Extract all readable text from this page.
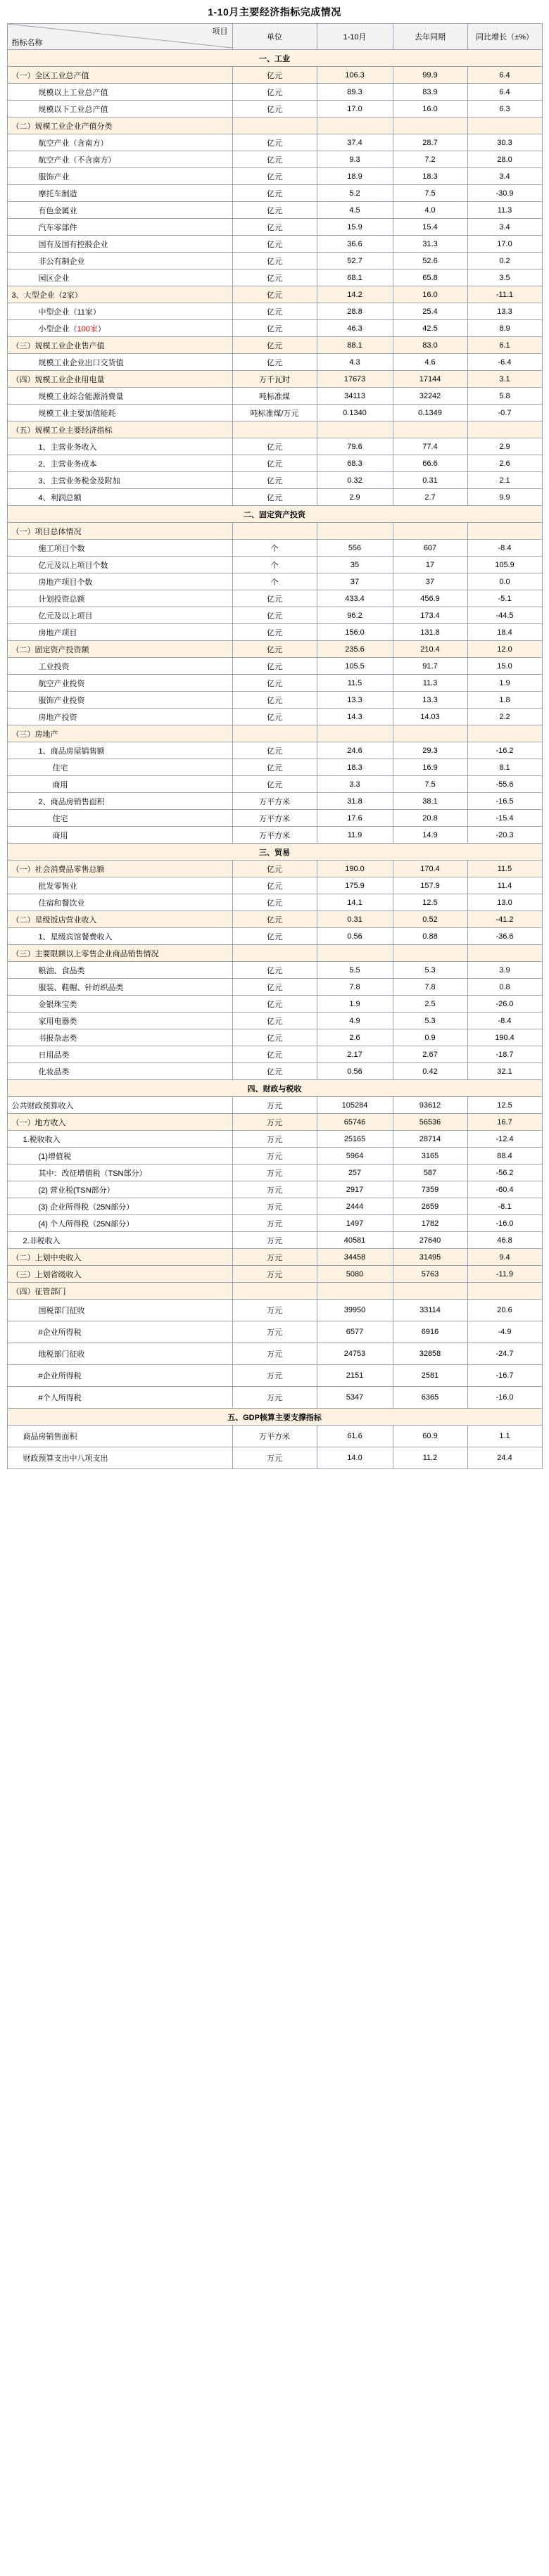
1-10月主要经济指标完成情况
项目
指标名称	单位	1-10月	去年同期	同比增长（±%）
一、工业				
（一）全区工业总产值	亿元	106.3	99.9	6.4
规模以上工业总产值	亿元	89.3	83.9	6.4
规模以下工业总产值	亿元	17.0	16.0	6.3
（二）规模工业企业产值分类				
航空产业（含南方）	亿元	37.4	28.7	30.3
航空产业（不含南方）	亿元	9.3	7.2	28.0
服饰产业	亿元	18.9	18.3	3.4
摩托车制造	亿元	5.2	7.5	-30.9
有色金属业	亿元	4.5	4.0	11.3
汽车零部件	亿元	15.9	15.4	3.4
国有及国有控股企业	亿元	36.6	31.3	17.0
非公有制企业	亿元	52.7	52.6	0.2
园区企业	亿元	68.1	65.8	3.5
3、大型企业（2家）	亿元	14.2	16.0	-11.1
中型企业（11家）	亿元	28.8	25.4	13.3
小型企业（100家）	亿元	46.3	42.5	8.9
（三）规模工业企业售产值	亿元	88.1	83.0	6.1
规模工业企业出口交货值	亿元	4.3	4.6	-6.4
（四）规模工业企业用电量	万千瓦时	17673	17144	3.1
规模工业综合能源消费量	吨标准煤	34113	32242	5.8
规模工业主要加值能耗	吨标准煤/万元	0.1340	0.1349	-0.7
（五）规模工业主要经济指标				
1、主营业务收入	亿元	79.6	77.4	2.9
2、主营业务成本	亿元	68.3	66.6	2.6
3、主营业务税金及附加	亿元	0.32	0.31	2.1
4、利润总额	亿元	2.9	2.7	9.9
二、固定资产投资				
（一）项目总体情况				
施工项目个数	个	556	607	-8.4
亿元及以上项目个数	个	35	17	105.9
房地产项目个数	个	37	37	0.0
计划投资总额	亿元	433.4	456.9	-5.1
亿元及以上项目	亿元	96.2	173.4	-44.5
房地产项目	亿元	156.0	131.8	18.4
（二）固定资产投资额	亿元	235.6	210.4	12.0
工业投资	亿元	105.5	91.7	15.0
航空产业投资	亿元	11.5	11.3	1.9
服饰产业投资	亿元	13.3	13.3	1.8
房地产投资	亿元	14.3	14.03	2.2
（三）房地产				
1、商品房屋销售额	亿元	24.6	29.3	-16.2
住宅	亿元	18.3	16.9	8.1
商用	亿元	3.3	7.5	-55.6
2、商品房销售面积	万平方米	31.8	38.1	-16.5
住宅	万平方米	17.6	20.8	-15.4
商用	万平方米	11.9	14.9	-20.3
三、贸易				
（一）社会消费品零售总额	亿元	190.0	170.4	11.5
批发零售业	亿元	175.9	157.9	11.4
住宿和餐饮业	亿元	14.1	12.5	13.0
（二）星级饭店营业收入	亿元	0.31	0.52	-41.2
1、星级宾馆餐费收入	亿元	0.56	0.88	-36.6
（三）主要限额以上零售企业商品销售情况				
粮油、食品类	亿元	5.5	5.3	3.9
服装、鞋帽、针纺织品类	亿元	7.8	7.8	0.8
金银珠宝类	亿元	1.9	2.5	-26.0
家用电器类	亿元	4.9	5.3	-8.4
书报杂志类	亿元	2.6	0.9	190.4
日用品类	亿元	2.17	2.67	-18.7
化妆品类	亿元	0.56	0.42	32.1
四、财政与税收				
公共财政预算收入	万元	105284	93612	12.5
（一）地方收入	万元	65746	56536	16.7
1.税收收入	万元	25165	28714	-12.4
(1)增值税	万元	5964	3165	88.4
其中：改征增值税（TSN部分）	万元	257	587	-56.2
(2) 营业税(TSN部分）	万元	2917	7359	-60.4
(3) 企业所得税（25N部分）	万元	2444	2659	-8.1
(4) 个人所得税（25N部分）	万元	1497	1782	-16.0
2.非税收入	万元	40581	27640	46.8
（二）上划中央收入	万元	34458	31495	9.4
（三）上划省级收入	万元	5080	5763	-11.9
（四）征管部门				
国税部门征收	万元	39950	33114	20.6
#企业所得税	万元	6577	6916	-4.9
地税部门征收	万元	24753	32858	-24.7
#企业所得税	万元	2151	2581	-16.7
#个人所得税	万元	5347	6365	-16.0
五、GDP核算主要支撑指标				
商品房销售面积	万平方米	61.6	60.9	1.1
财政预算支出中八项支出	万元	14.0	11.2	24.4
